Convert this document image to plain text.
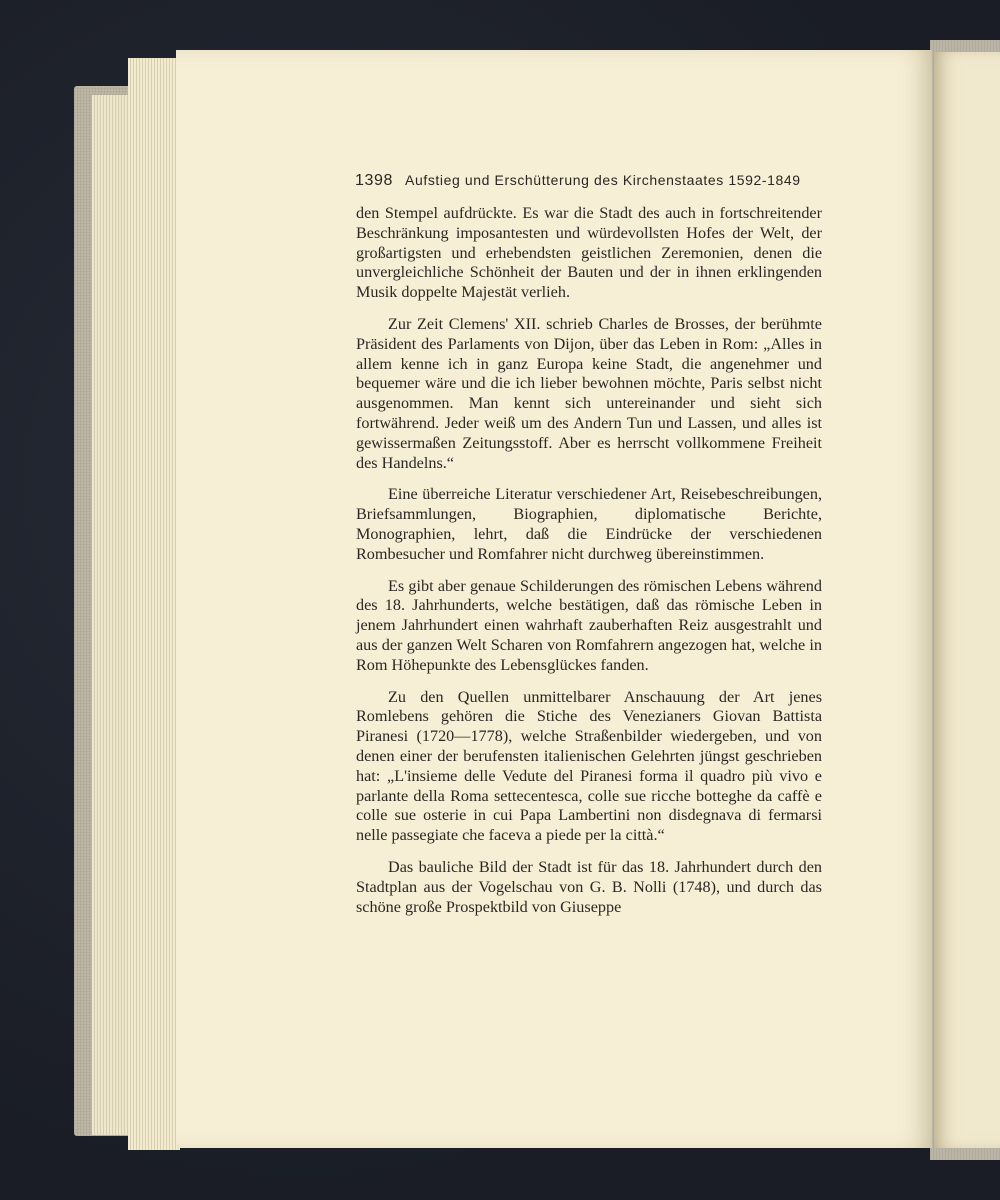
1398 Aufstieg und Erschütterung des Kirchenstaates 1592-1849

den Stempel aufdrückte. Es war die Stadt des auch in fortschreitender Beschränkung imposantesten und würdevollsten Hofes der Welt, der großartigsten und erhebendsten geistlichen Zeremonien, denen die unvergleichliche Schönheit der Bauten und der in ihnen erklingenden Musik doppelte Majestät verlieh.

Zur Zeit Clemens' XII. schrieb Charles de Brosses, der berühmte Präsident des Parlaments von Dijon, über das Leben in Rom: „Alles in allem kenne ich in ganz Europa keine Stadt, die angenehmer und bequemer wäre und die ich lieber bewohnen möchte, Paris selbst nicht ausgenommen. Man kennt sich untereinander und sieht sich fortwährend. Jeder weiß um des Andern Tun und Lassen, und alles ist gewissermaßen Zeitungsstoff. Aber es herrscht vollkommene Freiheit des Handelns.“

Eine überreiche Literatur verschiedener Art, Reisebeschreibungen, Briefsammlungen, Biographien, diplomatische Berichte, Monographien, lehrt, daß die Eindrücke der verschiedenen Rombesucher und Romfahrer nicht durchweg übereinstimmen.

Es gibt aber genaue Schilderungen des römischen Lebens während des 18. Jahrhunderts, welche bestätigen, daß das römische Leben in jenem Jahrhundert einen wahrhaft zauberhaften Reiz ausgestrahlt und aus der ganzen Welt Scharen von Romfahrern angezogen hat, welche in Rom Höhepunkte des Lebensglückes fanden.

Zu den Quellen unmittelbarer Anschauung der Art jenes Romlebens gehören die Stiche des Venezianers Giovan Battista Piranesi (1720—1778), welche Straßenbilder wiedergeben, und von denen einer der berufensten italienischen Gelehrten jüngst geschrieben hat: „L'insieme delle Vedute del Piranesi forma il quadro più vivo e parlante della Roma settecentesca, colle sue ricche botteghe da caffè e colle sue osterie in cui Papa Lambertini non disdegnava di fermarsi nelle passegiate che faceva a piede per la città.“

Das bauliche Bild der Stadt ist für das 18. Jahrhundert durch den Stadtplan aus der Vogelschau von G. B. Nolli (1748), und durch das schöne große Prospektbild von Giuseppe
